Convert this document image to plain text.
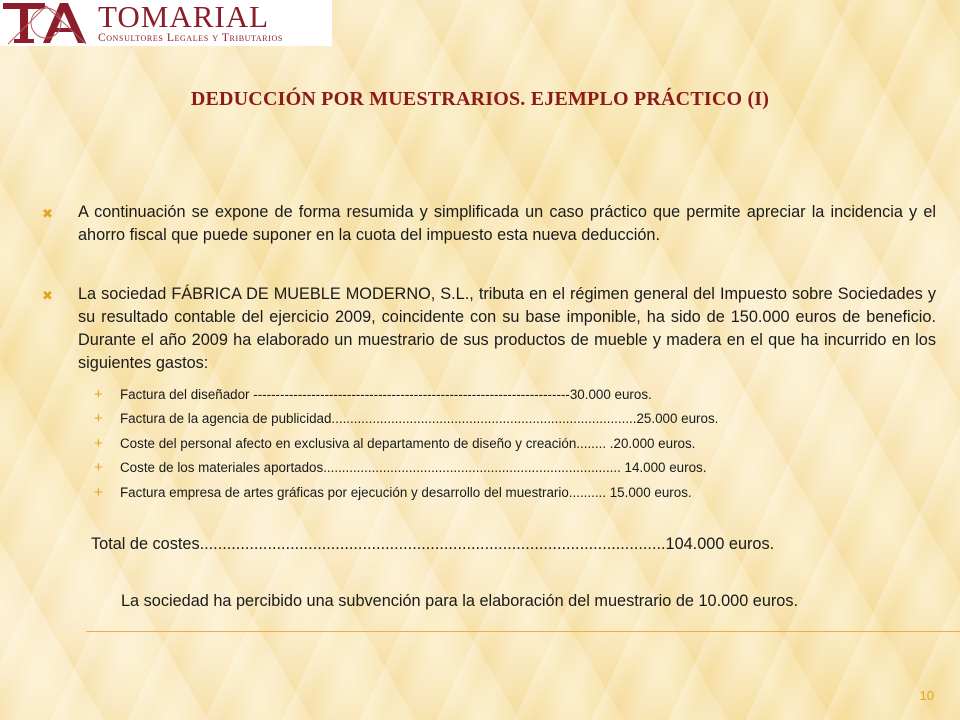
TOMARIAL
Consultores Legales y Tributarios
DEDUCCIÓN POR MUESTRARIOS. EJEMPLO PRÁCTICO (I)
✖	A continuación se expone de forma resumida y simplificada un caso práctico que permite apreciar la incidencia y el ahorro fiscal que puede suponer en la cuota del impuesto esta nueva deducción.
✖	La sociedad FÁBRICA DE MUEBLE MODERNO, S.L., tributa en el régimen general del Impuesto sobre Sociedades y su resultado contable del ejercicio 2009, coincidente con su base imponible, ha sido de 150.000 euros de beneficio. Durante el año 2009 ha elaborado un muestrario de sus productos de mueble y madera en el que ha incurrido en los siguientes gastos:
+	Factura del diseñador -----------------------------------------------------------------------30.000 euros.
+	Factura de la agencia de publicidad..................................................................................25.000 euros.
+	Coste del personal afecto en exclusiva al departamento de diseño y creación........ .20.000 euros.
+	Coste de los materiales aportados................................................................................ 14.000 euros.
+	Factura empresa de artes gráficas por ejecución y desarrollo del muestrario.......... 15.000 euros.
Total de costes.......................................................................................................104.000 euros.
La sociedad ha percibido una subvención para la elaboración del muestrario de 10.000 euros.
10
